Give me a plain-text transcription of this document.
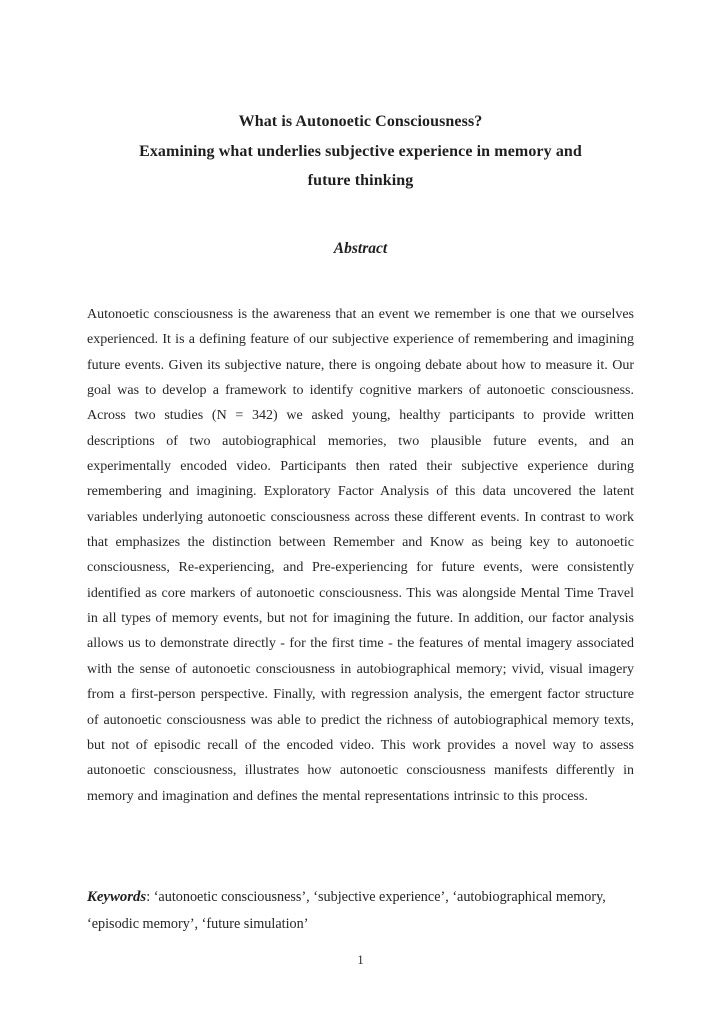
What is Autonoetic Consciousness?
Examining what underlies subjective experience in memory and
future thinking
Abstract

Autonoetic consciousness is the awareness that an event we remember is one that we ourselves experienced. It is a defining feature of our subjective experience of remembering and imagining future events. Given its subjective nature, there is ongoing debate about how to measure it. Our goal was to develop a framework to identify cognitive markers of autonoetic consciousness. Across two studies (N = 342) we asked young, healthy participants to provide written descriptions of two autobiographical memories, two plausible future events, and an experimentally encoded video. Participants then rated their subjective experience during remembering and imagining. Exploratory Factor Analysis of this data uncovered the latent variables underlying autonoetic consciousness across these different events. In contrast to work that emphasizes the distinction between Remember and Know as being key to autonoetic consciousness, Re-experiencing, and Pre-experiencing for future events, were consistently identified as core markers of autonoetic consciousness. This was alongside Mental Time Travel in all types of memory events, but not for imagining the future. In addition, our factor analysis allows us to demonstrate directly - for the first time - the features of mental imagery associated with the sense of autonoetic consciousness in autobiographical memory; vivid, visual imagery from a first-person perspective. Finally, with regression analysis, the emergent factor structure of autonoetic consciousness was able to predict the richness of autobiographical memory texts, but not of episodic recall of the encoded video. This work provides a novel way to assess autonoetic consciousness, illustrates how autonoetic consciousness manifests differently in memory and imagination and defines the mental representations intrinsic to this process.

Keywords: ‘autonoetic consciousness’, ‘subjective experience’, ‘autobiographical memory, ‘episodic memory’, ‘future simulation’

1
